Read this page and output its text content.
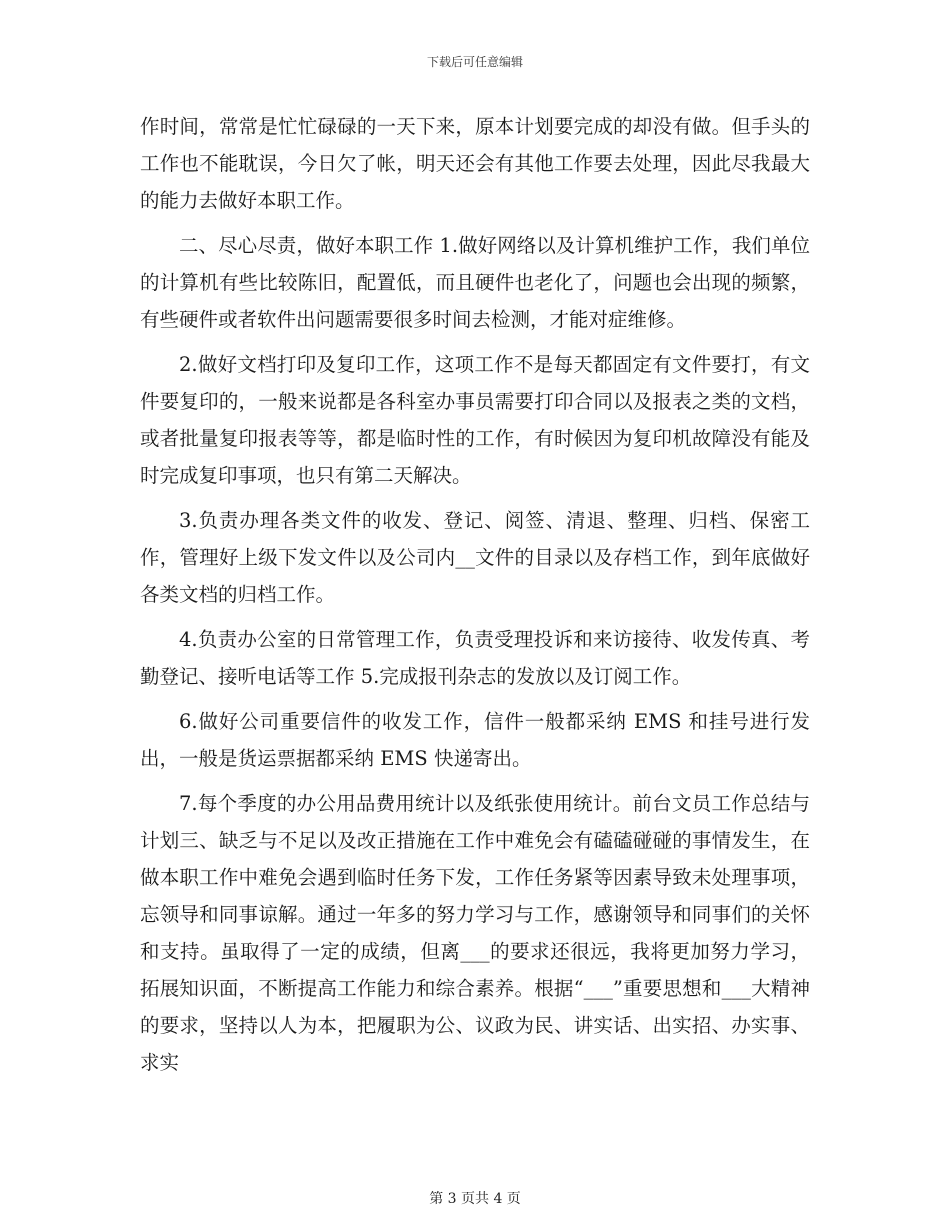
下载后可任意编辑

作时间，常常是忙忙碌碌的一天下来，原本计划要完成的却没有做。但手头的工作也不能耽误，今日欠了帐，明天还会有其他工作要去处理，因此尽我最大的能力去做好本职工作。

二、尽心尽责，做好本职工作 1.做好网络以及计算机维护工作，我们单位的计算机有些比较陈旧，配置低，而且硬件也老化了，问题也会出现的频繁，有些硬件或者软件出问题需要很多时间去检测，才能对症维修。

2.做好文档打印及复印工作，这项工作不是每天都固定有文件要打，有文件要复印的，一般来说都是各科室办事员需要打印合同以及报表之类的文档，或者批量复印报表等等，都是临时性的工作，有时候因为复印机故障没有能及时完成复印事项，也只有第二天解决。

3.负责办理各类文件的收发、登记、阅签、清退、整理、归档、保密工作，管理好上级下发文件以及公司内__文件的目录以及存档工作，到年底做好各类文档的归档工作。

4.负责办公室的日常管理工作，负责受理投诉和来访接待、收发传真、考勤登记、接听电话等工作 5.完成报刊杂志的发放以及订阅工作。

6.做好公司重要信件的收发工作，信件一般都采纳 EMS 和挂号进行发出，一般是货运票据都采纳 EMS 快递寄出。

7.每个季度的办公用品费用统计以及纸张使用统计。前台文员工作总结与计划三、缺乏与不足以及改正措施在工作中难免会有磕磕碰碰的事情发生，在做本职工作中难免会遇到临时任务下发，工作任务紧等因素导致未处理事项，忘领导和同事谅解。通过一年多的努力学习与工作，感谢领导和同事们的关怀和支持。虽取得了一定的成绩，但离___的要求还很远，我将更加努力学习，拓展知识面，不断提高工作能力和综合素养。根据“___”重要思想和___大精神的要求，坚持以人为本，把履职为公、议政为民、讲实话、出实招、办实事、求实

第 3 页共 4 页
